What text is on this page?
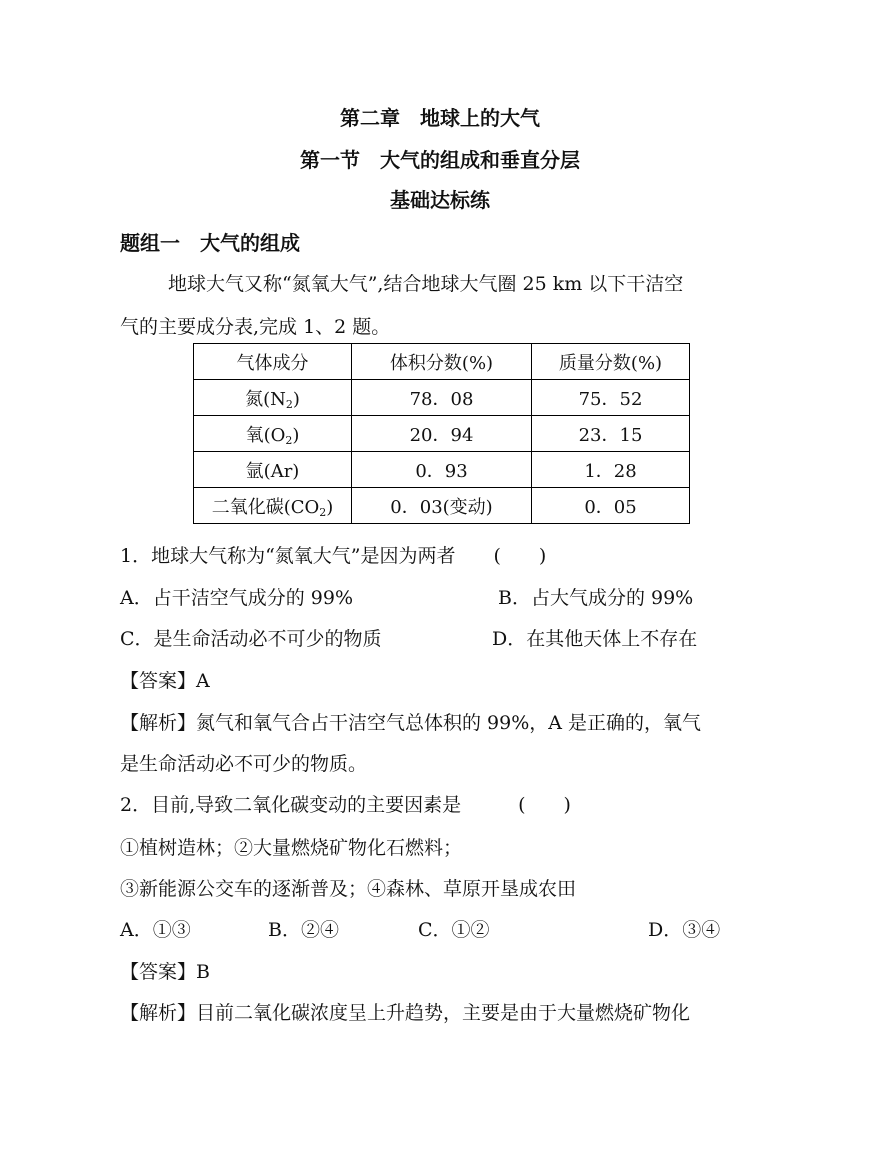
第二章　地球上的大气
第一节　大气的组成和垂直分层
基础达标练
题组一　大气的组成
地球大气又称“氮氧大气”,结合地球大气圈 25 km 以下干洁空
气的主要成分表,完成 1、2 题。
气体成分	体积分数(%)	质量分数(%)
氮$(N_2)$	78．08	75．52
氧$(O_2)$	20．94	23．15
氩(Ar)	0．93	1．28
二氧化碳$(CO_2)$	0．03(变动)	0．05
1．地球大气称为“氮氧大气”是因为两者　　(　　)
A．占干洁空气成分的 99%	B．占大气成分的 99%
C．是生命活动必不可少的物质	D．在其他天体上不存在
【答案】A
【解析】氮气和氧气合占干洁空气总体积的 99%，A 是正确的，氧气
是生命活动必不可少的物质。
2．目前,导致二氧化碳变动的主要因素是　　　(　　)
①植树造林；②大量燃烧矿物化石燃料；
③新能源公交车的逐渐普及；④森林、草原开垦成农田
A．①③	B．②④	C．①②	D．③④
【答案】B
【解析】目前二氧化碳浓度呈上升趋势，主要是由于大量燃烧矿物化
